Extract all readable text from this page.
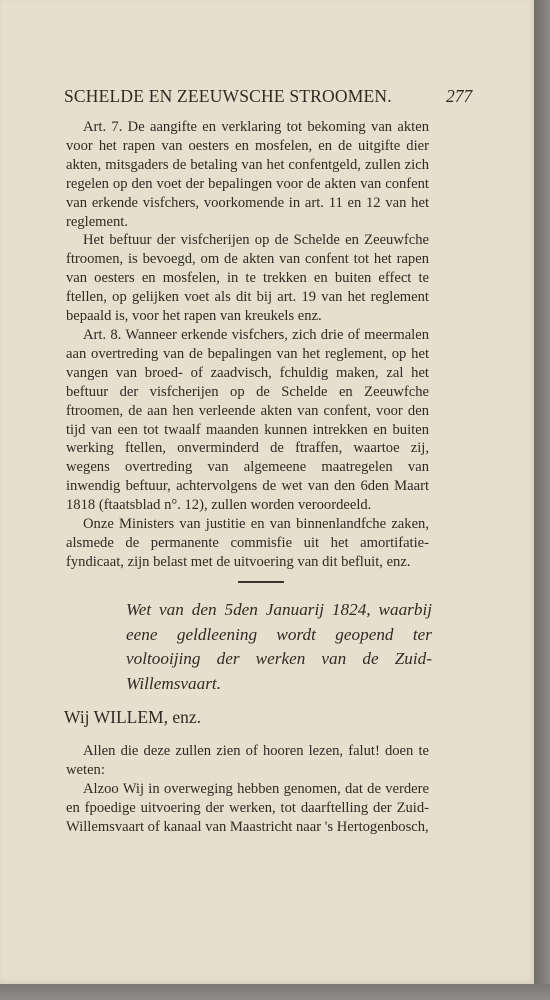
SCHELDE EN ZEEUWSCHE STROOMEN.	277

Art. 7. De aangifte en verklaring tot bekoming van akten voor het rapen van oesters en mosfelen, en de uitgifte dier akten, mitsgaders de betaling van het confentgeld, zullen zich regelen op den voet der bepalingen voor de akten van confent van erkende visfchers, voorkomende in art. 11 en 12 van het reglement.

Het beftuur der visfcherijen op de Schelde en Zeeuwfche ftroomen, is bevoegd, om de akten van confent tot het rapen van oesters en mosfelen, in te trekken en buiten effect te ftellen, op gelijken voet als dit bij art. 19 van het reglement bepaald is, voor het rapen van kreukels enz.

Art. 8. Wanneer erkende visfchers, zich drie of meermalen aan overtreding van de bepalingen van het reglement, op het vangen van broed- of zaadvisch, fchuldig maken, zal het beftuur der visfcherijen op de Schelde en Zeeuwfche ftroomen, de aan hen verleende akten van confent, voor den tijd van een tot twaalf maanden kunnen intrekken en buiten werking ftellen, onverminderd de ftraffen, waartoe zij, wegens overtreding van algemeene maatregelen van inwendig beftuur, achtervolgens de wet van den 6den Maart 1818 (ftaatsblad n°. 12), zullen worden veroordeeld.

Onze Ministers van justitie en van binnenlandfche zaken, alsmede de permanente commisfie uit het amortifatie-fyndicaat, zijn belast met de uitvoering van dit befluit, enz.

Wet van den 5den Januarij 1824, waarbij eene geldleening wordt geopend ter voltooijing der werken van de Zuid-Willemsvaart.
Wij WILLEM, enz.

Allen die deze zullen zien of hooren lezen, falut! doen te weten:

Alzoo Wij in overweging hebben genomen, dat de verdere en fpoedige uitvoering der werken, tot daarftelling der Zuid-Willemsvaart of kanaal van Maastricht naar 's Hertogenbosch,
